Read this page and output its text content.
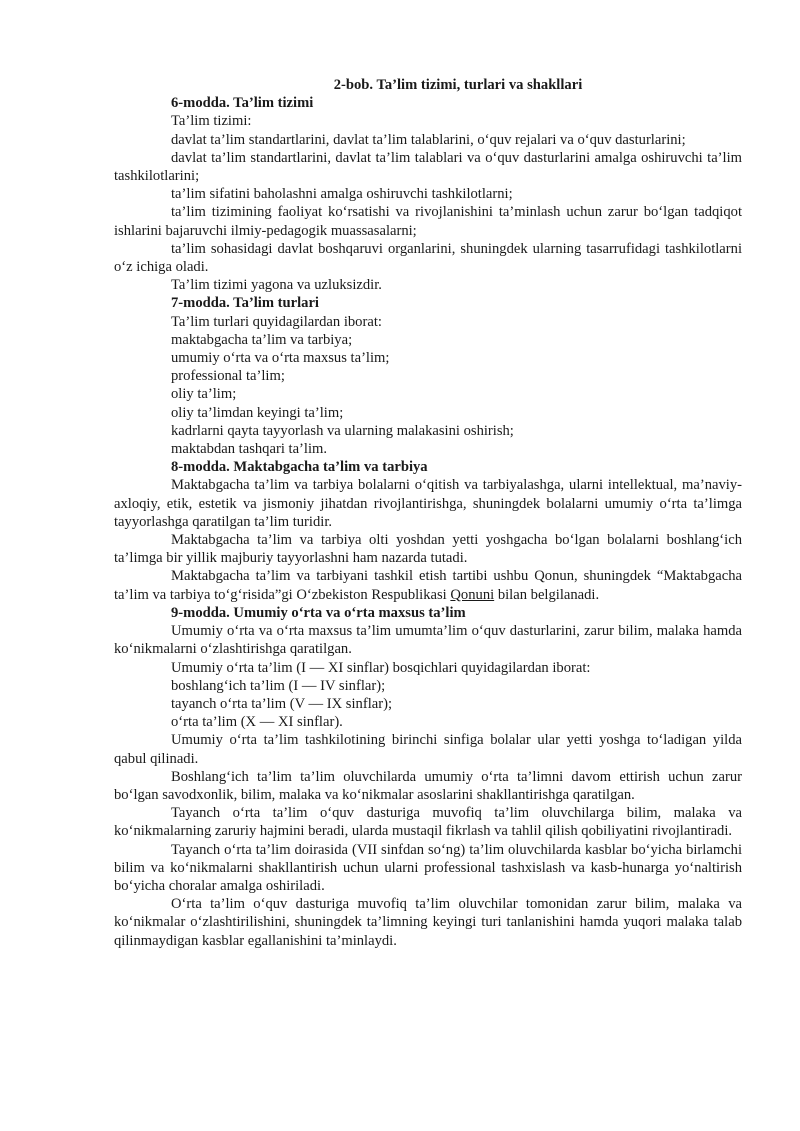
2-bob. Ta’lim tizimi, turlari va shakllari

6-modda. Ta’lim tizimi

Ta’lim tizimi:

davlat ta’lim standartlarini, davlat ta’lim talablarini, o‘quv rejalari va o‘quv dasturlarini;

davlat ta’lim standartlarini, davlat ta’lim talablari va o‘quv dasturlarini amalga oshiruvchi ta’lim tashkilotlarini;

ta’lim sifatini baholashni amalga oshiruvchi tashkilotlarni;

ta’lim tizimining faoliyat ko‘rsatishi va rivojlanishini ta’minlash uchun zarur bo‘lgan tadqiqot ishlarini bajaruvchi ilmiy-pedagogik muassasalarni;

ta’lim sohasidagi davlat boshqaruvi organlarini, shuningdek ularning tasarrufidagi tashkilotlarni o‘z ichiga oladi.

Ta’lim tizimi yagona va uzluksizdir.

7-modda. Ta’lim turlari

Ta’lim turlari quyidagilardan iborat:

maktabgacha ta’lim va tarbiya;

umumiy o‘rta va o‘rta maxsus ta’lim;

professional ta’lim;

oliy ta’lim;

oliy ta’limdan keyingi ta’lim;

kadrlarni qayta tayyorlash va ularning malakasini oshirish;

maktabdan tashqari ta’lim.

8-modda. Maktabgacha ta’lim va tarbiya

Maktabgacha ta’lim va tarbiya bolalarni o‘qitish va tarbiyalashga, ularni intellektual, ma’naviy-axloqiy, etik, estetik va jismoniy jihatdan rivojlantirishga, shuningdek bolalarni umumiy o‘rta ta’limga tayyorlashga qaratilgan ta’lim turidir.

Maktabgacha ta’lim va tarbiya olti yoshdan yetti yoshgacha bo‘lgan bolalarni boshlang‘ich ta’limga bir yillik majburiy tayyorlashni ham nazarda tutadi.

Maktabgacha ta’lim va tarbiyani tashkil etish tartibi ushbu Qonun, shuningdek “Maktabgacha ta’lim va tarbiya to‘g‘risida”gi O‘zbekiston Respublikasi Qonuni bilan belgilanadi.

9-modda. Umumiy o‘rta va o‘rta maxsus ta’lim

Umumiy o‘rta va o‘rta maxsus ta’lim umumta’lim o‘quv dasturlarini, zarur bilim, malaka hamda ko‘nikmalarni o‘zlashtirishga qaratilgan.

Umumiy o‘rta ta’lim (I — XI sinflar) bosqichlari quyidagilardan iborat:

boshlang‘ich ta’lim (I — IV sinflar);

tayanch o‘rta ta’lim (V — IX sinflar);

o‘rta ta’lim (X — XI sinflar).

Umumiy o‘rta ta’lim tashkilotining birinchi sinfiga bolalar ular yetti yoshga to‘ladigan yilda qabul qilinadi.

Boshlang‘ich ta’lim ta’lim oluvchilarda umumiy o‘rta ta’limni davom ettirish uchun zarur bo‘lgan savodxonlik, bilim, malaka va ko‘nikmalar asoslarini shakllantirishga qaratilgan.

Tayanch o‘rta ta’lim o‘quv dasturiga muvofiq ta’lim oluvchilarga bilim, malaka va ko‘nikmalarning zaruriy hajmini beradi, ularda mustaqil fikrlash va tahlil qilish qobiliyatini rivojlantiradi.

Tayanch o‘rta ta’lim doirasida (VII sinfdan so‘ng) ta’lim oluvchilarda kasblar bo‘yicha birlamchi bilim va ko‘nikmalarni shakllantirish uchun ularni professional tashxislash va kasb-hunarga yo‘naltirish bo‘yicha choralar amalga oshiriladi.

O‘rta ta’lim o‘quv dasturiga muvofiq ta’lim oluvchilar tomonidan zarur bilim, malaka va ko‘nikmalar o‘zlashtirilishini, shuningdek ta’limning keyingi turi tanlanishini hamda yuqori malaka talab qilinmaydigan kasblar egallanishini ta’minlaydi.
